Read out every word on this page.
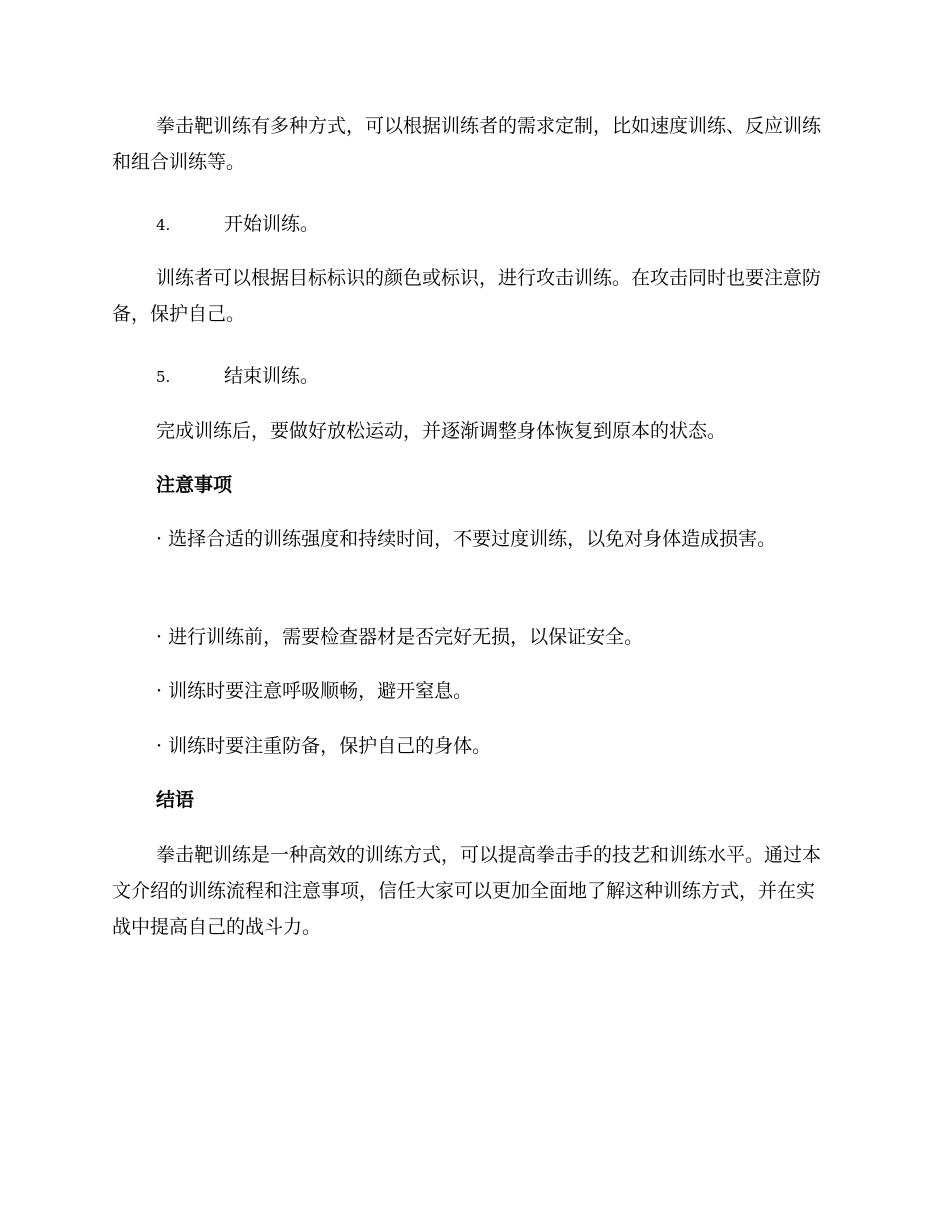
拳击靶训练有多种方式，可以根据训练者的需求定制，比如速度训练、反应训练和组合训练等。

4.	开始训练。

训练者可以根据目标标识的颜色或标识，进行攻击训练。在攻击同时也要注意防备，保护自己。

5.	结束训练。

完成训练后，要做好放松运动，并逐渐调整身体恢复到原本的状态。

注意事项

· 选择合适的训练强度和持续时间，不要过度训练，以免对身体造成损害。

· 进行训练前，需要检查器材是否完好无损，以保证安全。

· 训练时要注意呼吸顺畅，避开窒息。

· 训练时要注重防备，保护自己的身体。

结语

拳击靶训练是一种高效的训练方式，可以提高拳击手的技艺和训练水平。通过本文介绍的训练流程和注意事项，信任大家可以更加全面地了解这种训练方式，并在实战中提高自己的战斗力。
